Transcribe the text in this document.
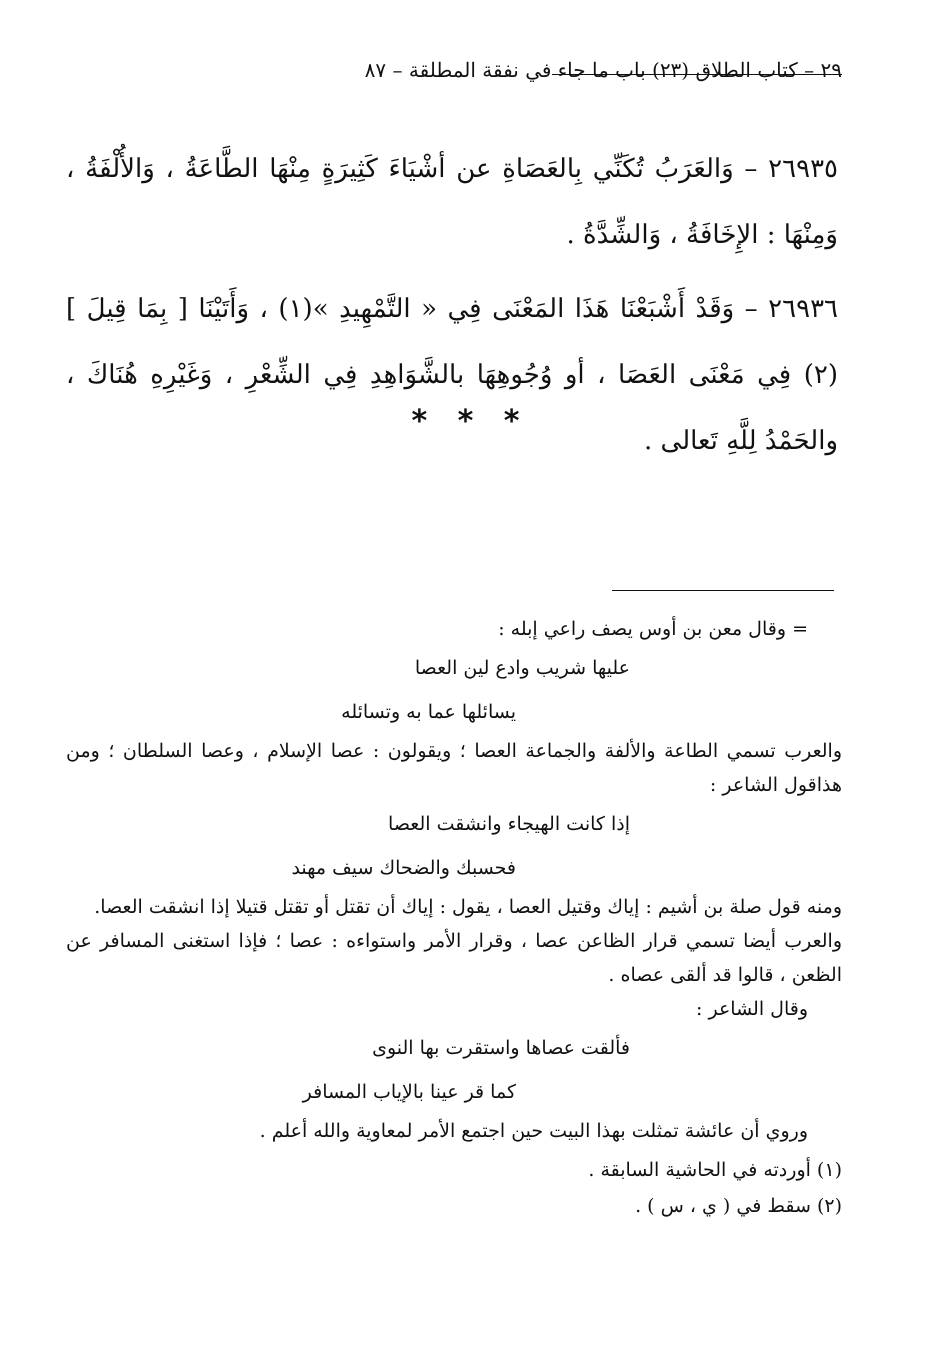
٢٩ – كتاب الطلاق (٢٣) باب ما جاء في نفقة المطلقة – ٨٧

٢٦٩٣٥ – وَالعَرَبُ تُكَنِّي بِالعَصَاةِ عن أشْيَاءَ كَثِيرَةٍ مِنْهَا الطَّاعَةُ ، وَالأُلْفَةُ ، وَمِنْهَا : الإِخَافَةُ ، وَالشِّدَّةُ .

٢٦٩٣٦ – وَقَدْ أَشْبَعْنَا هَذَا المَعْنَى فِي « التَّمْهِيدِ »(١) ، وَأَتَيْنَا [ بِمَا قِيلَ ](٢) فِي مَعْنَى العَصَا ، أو وُجُوهِهَا بالشَّوَاهِدِ فِي الشِّعْرِ ، وَغَيْرِهِ هُنَاكَ ، والحَمْدُ لِلَّهِ تَعالى .

* * *

= وقال معن بن أوس يصف راعي إبله :

عليها شريب وادع لين العصا

يسائلها عما به وتسائله

والعرب تسمي الطاعة والألفة والجماعة العصا ؛ ويقولون : عصا الإسلام ، وعصا السلطان ؛ ومن هذاقول الشاعر :

إذا كانت الهيجاء وانشقت العصا

فحسبك والضحاك سيف مهند

ومنه قول صلة بن أشيم : إياك وقتيل العصا ، يقول : إياك أن تقتل أو تقتل قتيلا إذا انشقت العصا.

والعرب أيضا تسمي قرار الظاعن عصا ، وقرار الأمر واستواءه : عصا ؛ فإذا استغنى المسافر عن الظعن ، قالوا قد ألقى عصاه .

وقال الشاعر :

فألقت عصاها واستقرت بها النوى

كما قر عينا بالإياب المسافر

وروي أن عائشة تمثلت بهذا البيت حين اجتمع الأمر لمعاوية والله أعلم .

(١) أوردته في الحاشية السابقة .

(٢) سقط في ( ي ، س ) .
